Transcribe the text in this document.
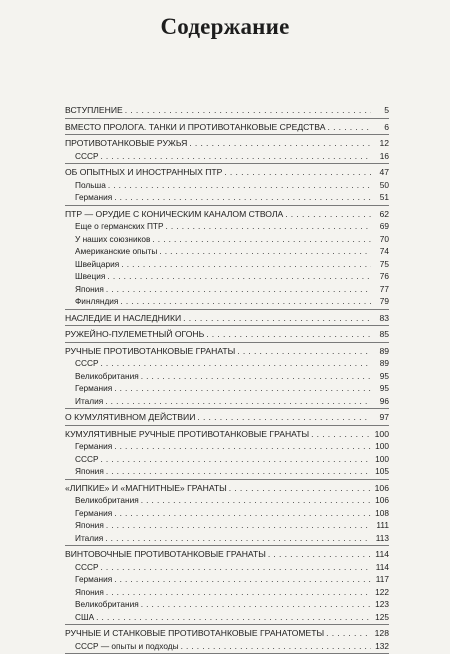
Содержание
ВСТУПЛЕНИЕ . . .	5
ВМЕСТО ПРОЛОГА. ТАНКИ И ПРОТИВОТАНКОВЫЕ СРЕДСТВА . . .	6
ПРОТИВОТАНКОВЫЕ РУЖЬЯ . . .	12
СССР . . .	16
ОБ ОПЫТНЫХ И ИНОСТРАННЫХ ПТР . . .	47
Польша . . .	50
Германия . . .	51
ПТР — ОРУДИЕ С КОНИЧЕСКИМ КАНАЛОМ СТВОЛА . . .	62
Еще о германских ПТР . . .	69
У наших союзников . . .	70
Американские опыты . . .	74
Швейцария . . .	75
Швеция . . .	76
Япония . . .	77
Финляндия . . .	79
НАСЛЕДИЕ И НАСЛЕДНИКИ . . .	83
РУЖЕЙНО-ПУЛЕМЕТНЫЙ ОГОНЬ . . .	85
РУЧНЫЕ ПРОТИВОТАНКОВЫЕ ГРАНАТЫ . . .	89
СССР . . .	89
Великобритания . . .	95
Германия . . .	95
Италия . . .	96
О КУМУЛЯТИВНОМ ДЕЙСТВИИ . . .	97
КУМУЛЯТИВНЫЕ РУЧНЫЕ ПРОТИВОТАНКОВЫЕ ГРАНАТЫ . . .	100
Германия . . .	100
СССР . . .	100
Япония . . .	105
«ЛИПКИЕ» И «МАГНИТНЫЕ» ГРАНАТЫ . . .	106
Великобритания . . .	106
Германия . . .	108
Япония . . .	111
Италия . . .	113
ВИНТОВОЧНЫЕ ПРОТИВОТАНКОВЫЕ ГРАНАТЫ . . .	114
СССР . . .	114
Германия . . .	117
Япония . . .	122
Великобритания . . .	123
США . . .	125
РУЧНЫЕ И СТАНКОВЫЕ ПРОТИВОТАНКОВЫЕ ГРАНАТОМЕТЫ . . .	128
СССР — опыты и подходы . . .	132
